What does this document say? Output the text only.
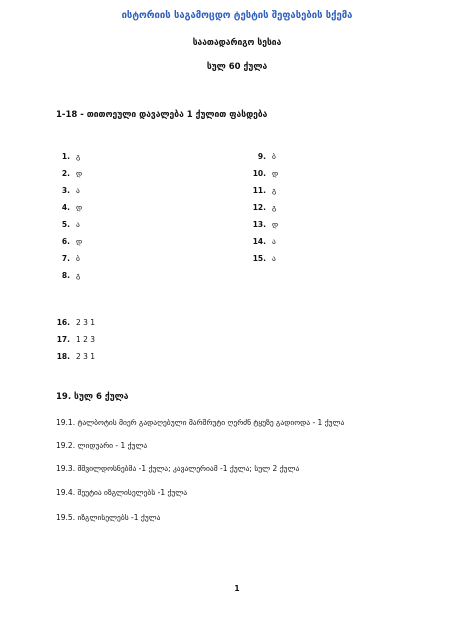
ისტორიის საგამოცდო ტესტის შეფასების სქემა
საათადარიგო სესია
სულ 60 ქულა
1-18 - თითოეული დავალება 1 ქულით ფასდება
1. გ
2. დ
3. ა
4. დ
5. ა
6. დ
7. ბ
8. გ
9. ბ
10. დ
11. გ
12. გ
13. დ
14. ა
15. ა
16. 2 3 1
17. 1 2 3
18. 2 3 1
19. სულ 6 ქულა
19.1. ტალბოტის მიერ გადაღებული მარშრუტი ღერძნ ტყუზე გადიოდა - 1 ქულა
19.2. ლიდუარი - 1 ქულა
19.3. მშვილდოსნებმა -1 ქულა; კავალერიამ -1 ქულა; სულ 2 ქულა
19.4. შეუტია იზგლისელებს -1 ქულა
19.5. იზგლისელებს -1 ქულა
1
